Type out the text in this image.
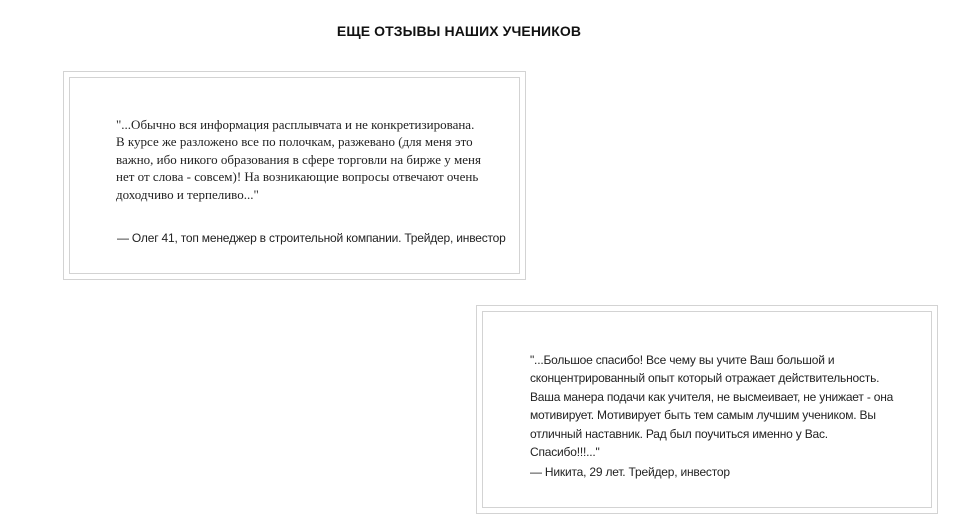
ЕЩЕ ОТЗЫВЫ НАШИХ УЧЕНИКОВ

"...Обычно вся информация расплывчата и не конкретизирована. В курсе же разложено все по полочкам, разжевано (для меня это важно, ибо никого образования в сфере торговли на бирже у меня нет от слова - совсем)! На возникающие вопросы отвечают очень доходчиво и терпеливо..."

— Олег 41, топ менеджер в строительной компании. Трейдер, инвестор

"...Большое спасибо! Все чему вы учите Ваш большой и сконцентрированный опыт который отражает действительность. Ваша манера подачи как учителя, не высмеивает, не унижает - она мотивирует. Мотивирует быть тем самым лучшим учеником. Вы отличный наставник. Рад был поучиться именно у Вас. Спасибо!!!..."

— Никита, 29 лет. Трейдер, инвестор
